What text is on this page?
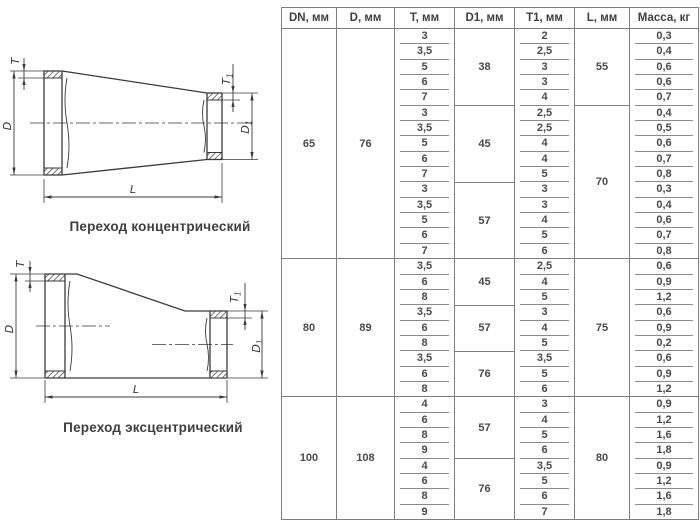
T
D
$T_1$
$D_1$
L
T
D
$T_1$
$D_1$
L
Переход концентрический
Переход эксцентрический
DN, мм	D, мм	T, мм	D1, мм	T1, мм	L, мм	Масса, кг
65	76	3	38	2	55	0,3

		3,5		2,5		0,4

		5		3		0,6

		6		3		0,6

		7		4		0,7

		3	45	2,5	70	0,4

		3,5		2,5		0,5

		5		4		0,6

		6		4		0,7

		7		5		0,8

		3	57	3		0,3

		3,5		3		0,4

		5		4		0,6

		6		5		0,7

		7		6		0,8

80	89	3,5	45	2,5	75	0,6

		6		4		0,9

		8		5		1,2

		3,5	57	3		0,6

		6		4		0,9

		8		5		0,2

		3,5	76	3,5		0,6

		6		5		0,9

		8		6		1,2

100	108	4	57	3	80	0,9

		6		4		1,2

		8		5		1,6

		9		6		1,8

		4	76	3,5		0,9

		6		5		1,2

		8		6		1,6

		9		7		1,8
